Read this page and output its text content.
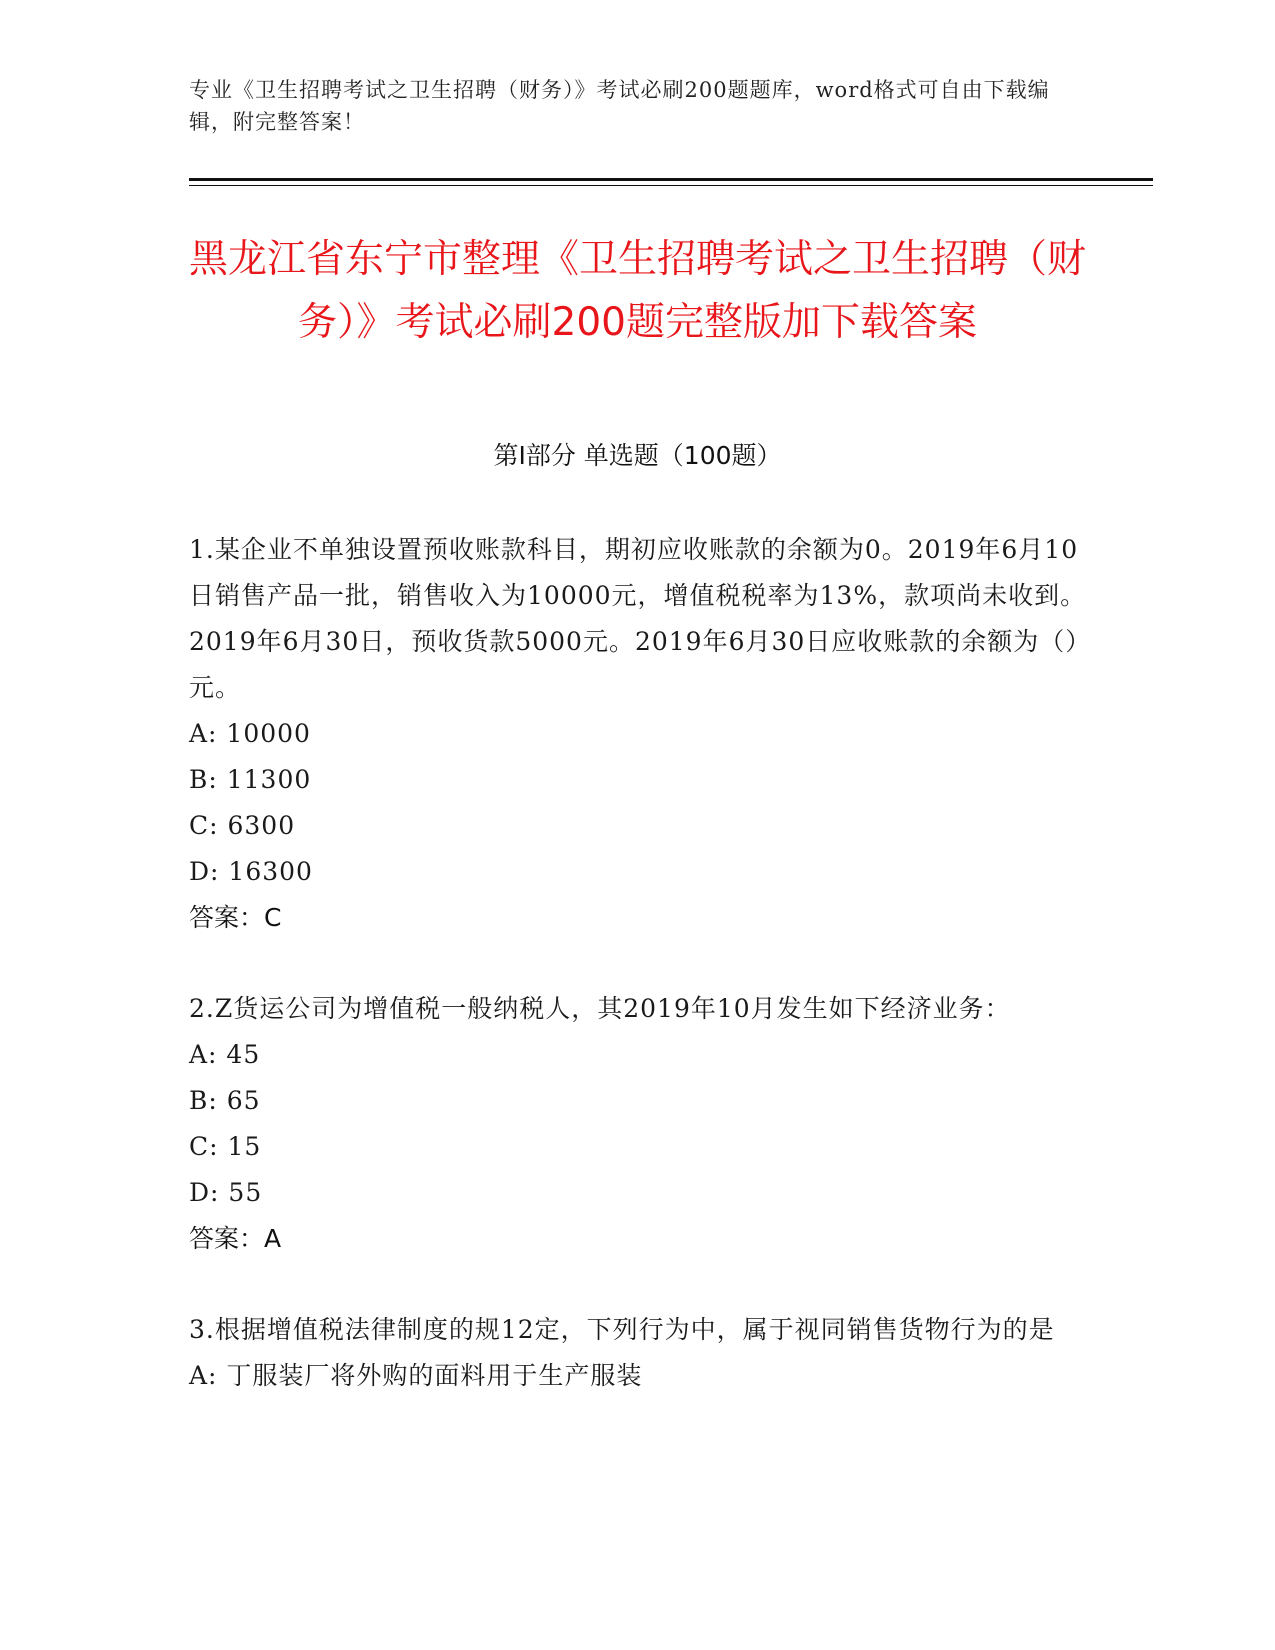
专业《卫生招聘考试之卫生招聘（财务）》考试必刷200题题库，word格式可自由下载编辑，附完整答案！
黑龙江省东宁市整理《卫生招聘考试之卫生招聘（财务）》考试必刷200题完整版加下载答案
第Ⅰ部分 单选题（100题）

1.某企业不单独设置预收账款科目，期初应收账款的余额为0。2019年6月10日销售产品一批，销售收入为10000元，增值税税率为13%，款项尚未收到。2019年6月30日，预收货款5000元。2019年6月30日应收账款的余额为（）元。

A: 10000
B: 11300
C: 6300
D: 16300

答案：C

2.Z货运公司为增值税一般纳税人，其2019年10月发生如下经济业务：

A: 45
B: 65
C: 15
D: 55

答案：A

3.根据增值税法律制度的规12定，下列行为中，属于视同销售货物行为的是

A: 丁服装厂将外购的面料用于生产服装
